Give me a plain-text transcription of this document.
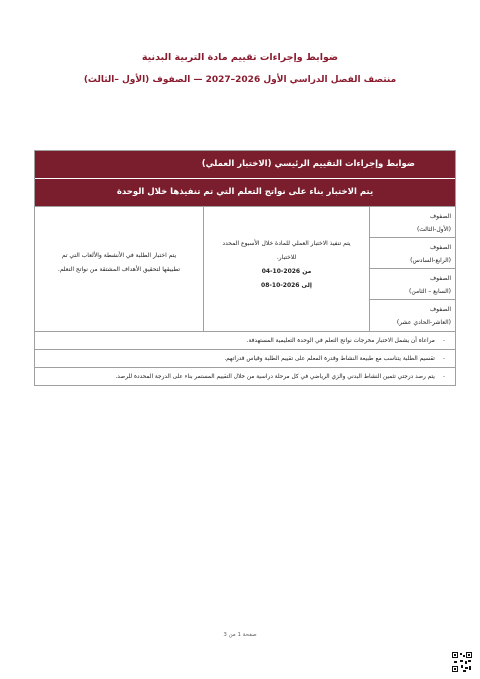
ضوابط وإجراءات تقييم مادة التربية البدنية
منتصف الفصل الدراسي الأول 2026–2027 — الصفوف (الأول –الثالث)
ضوابط وإجراءات التقييم الرئيسي (الاختبار العملي)
يتم الاختبار بناء على نواتج التعلم التي تم تنفيذها خلال الوحدة
الصفوف
(الأول-الثالث)
الصفوف
(الرابع-السادس)
الصفوف
(السابع – الثامن)
الصفوف
(العاشر-الحادي عشر)
يتم تنفيذ الاختبار العملي للمادة خلال الأسبوع المحدد
للاختبار.
من 2026-10-04
إلى 2026-10-08
يتم اختبار الطلبة في الأنشطة والألعاب التي تم
تطبيقها لتحقيق الأهداف المشتقة من نواتج التعلم.
-
مراعاة أن يشمل الاختبار مخرجات نواتج التعلم في الوحدة التعليمية المستهدفة.
-
تقسيم الطلبة يتناسب مع طبيعة النشاط وقدرة المعلم على تقييم الطلبة وقياس قدراتهم.
-
يتم رصد درجتي تثمين النشاط البدني والزي الرياضي في كل مرحلة دراسية من خلال التقييم المستمر بناء على الدرجة المحددة للرصد.
صفحة 1 من 3
